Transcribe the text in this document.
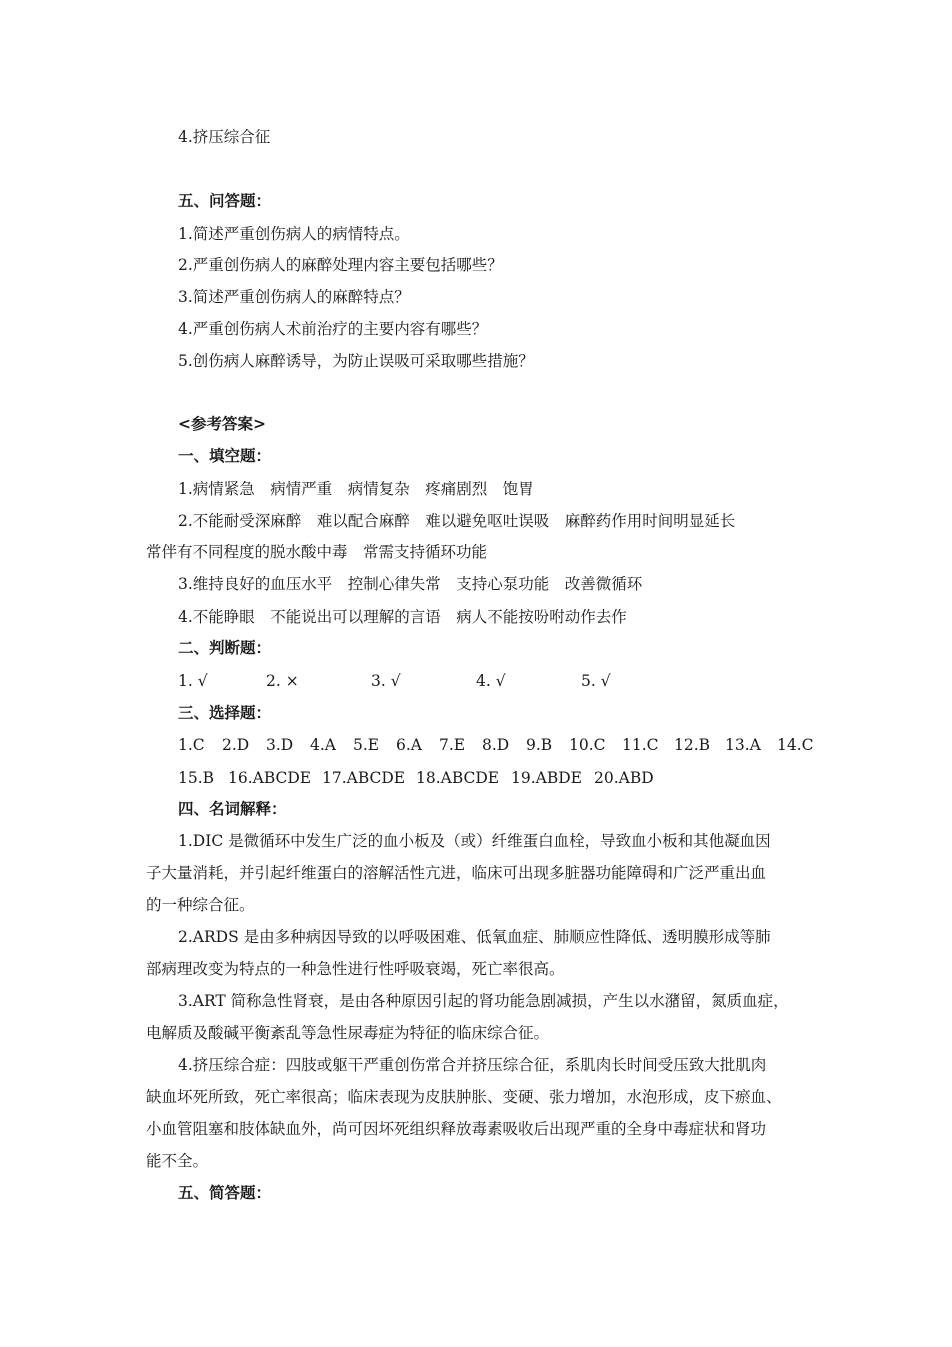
4.挤压综合征
五、问答题：
1.简述严重创伤病人的病情特点。
2.严重创伤病人的麻醉处理内容主要包括哪些？
3.简述严重创伤病人的麻醉特点？
4.严重创伤病人术前治疗的主要内容有哪些？
5.创伤病人麻醉诱导，为防止误吸可采取哪些措施？
<参考答案>
一、填空题：
1.病情紧急　病情严重　病情复杂　疼痛剧烈　饱胃
2.不能耐受深麻醉　难以配合麻醉　难以避免呕吐误吸　麻醉药作用时间明显延长
常伴有不同程度的脱水酸中毒　常需支持循环功能
3.维持良好的血压水平　控制心律失常　支持心泵功能　改善微循环
4.不能睁眼　不能说出可以理解的言语　病人不能按吩咐动作去作
二、判断题：
1. √	2. ×	3. √	4. √	5. √
三、选择题：
1.C 2.D 3.D 4.A 5.E 6.A 7.E 8.D 9.B 10.C 11.C 12.B 13.A 14.C
15.B 16.ABCDE 17.ABCDE 18.ABCDE 19.ABDE 20.ABD
四、名词解释：
1.DIC 是微循环中发生广泛的血小板及（或）纤维蛋白血栓，导致血小板和其他凝血因
子大量消耗，并引起纤维蛋白的溶解活性亢进，临床可出现多脏器功能障碍和广泛严重出血
的一种综合征。
2.ARDS 是由多种病因导致的以呼吸困难、低氧血症、肺顺应性降低、透明膜形成等肺
部病理改变为特点的一种急性进行性呼吸衰竭，死亡率很高。
3.ART 简称急性肾衰，是由各种原因引起的肾功能急剧减损，产生以水潴留，氮质血症，
电解质及酸碱平衡紊乱等急性尿毒症为特征的临床综合征。
4.挤压综合症：四肢或躯干严重创伤常合并挤压综合征，系肌肉长时间受压致大批肌肉
缺血坏死所致，死亡率很高；临床表现为皮肤肿胀、变硬、张力增加，水泡形成，皮下瘀血、
小血管阻塞和肢体缺血外，尚可因坏死组织释放毒素吸收后出现严重的全身中毒症状和肾功
能不全。
五、简答题：
